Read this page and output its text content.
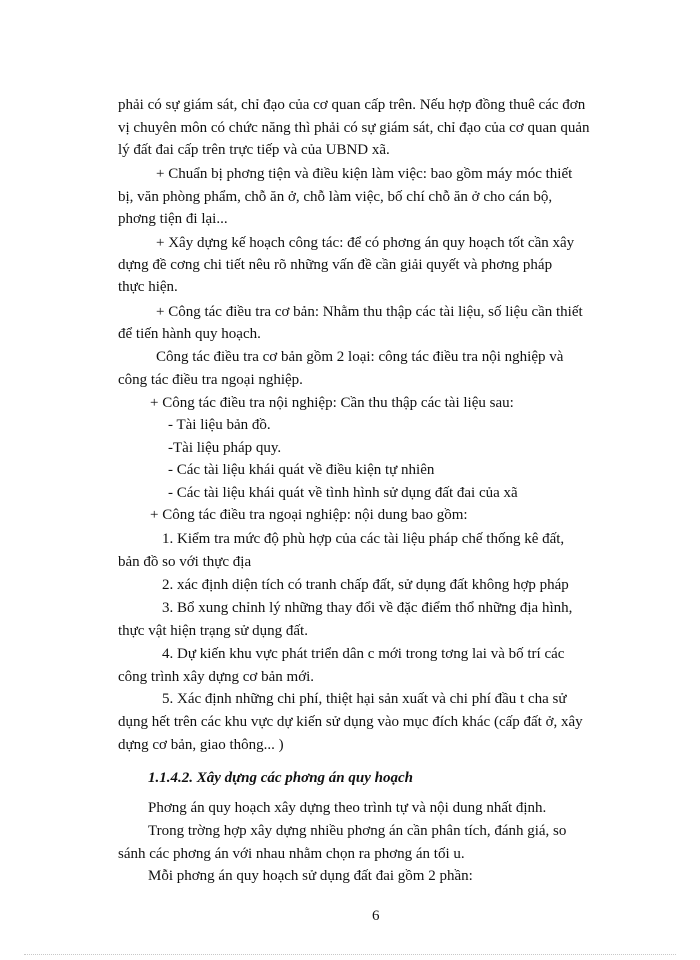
phải có sự giám sát, chỉ đạo của cơ quan cấp trên. Nếu hợp đồng thuê các đơn
vị chuyên môn có chức năng thì phải có sự giám sát, chỉ đạo của cơ quan quản
lý đất đai cấp trên trực tiếp và của UBND xã.
+ Chuẩn bị phơng tiện và điều kiện làm việc: bao gồm máy móc thiết
bị, văn phòng phẩm, chỗ ăn ở, chỗ làm việc, bố chí chỗ ăn ở cho cán bộ,
phơng tiện đi lại...
+ Xây dựng kế hoạch công tác: để có phơng án quy hoạch tốt cần xây
dựng đề cơng chi tiết nêu rõ những vấn đề cần giải quyết và phơng pháp
thực hiện.
+ Công tác điều tra cơ bản: Nhằm thu thập các tài liệu, số liệu cần thiết
để tiến hành quy hoạch.
Công tác điều tra cơ bản gồm 2 loại: công tác điều tra nội nghiệp và
công tác điều tra ngoại nghiệp.
+ Công tác điều tra nội nghiệp: Cần thu thập các tài liệu sau:
- Tài liệu bản đồ.
-Tài liệu pháp quy.
- Các tài liệu khái quát về điều kiện tự nhiên
- Các tài liệu khái quát về tình hình sử dụng đất đai của xã
+ Công tác điều tra ngoại nghiệp: nội dung bao gồm:
1. Kiểm tra mức độ phù hợp của các tài liệu pháp chế thống kê đất,
bản đồ so với thực địa
2. xác định diện tích có tranh chấp đất, sử dụng đất không hợp pháp
3. Bổ xung chỉnh lý những thay đổi về đặc điểm thổ những địa hình,
thực vật hiện trạng sử dụng đất.
4. Dự kiến khu vực phát triển dân c mới trong tơng lai và bố trí các
công trình xây dựng cơ bản mới.
5. Xác định những chi phí, thiệt hại sản xuất và chi phí đầu t cha sử
dụng hết trên các khu vực dự kiến sử dụng vào mục đích khác (cấp đất ở, xây
dựng cơ bản, giao thông... )
1.1.4.2. Xây dựng các phơng án quy hoạch
Phơng án quy hoạch xây dựng theo trình tự và nội dung nhất định.
Trong trờng hợp xây dựng nhiều phơng án cần phân tích, đánh giá, so
sánh các phơng án với nhau nhằm chọn ra phơng án tối u.
Mỗi phơng án quy hoạch sử dụng đất đai gồm 2 phần:
6
